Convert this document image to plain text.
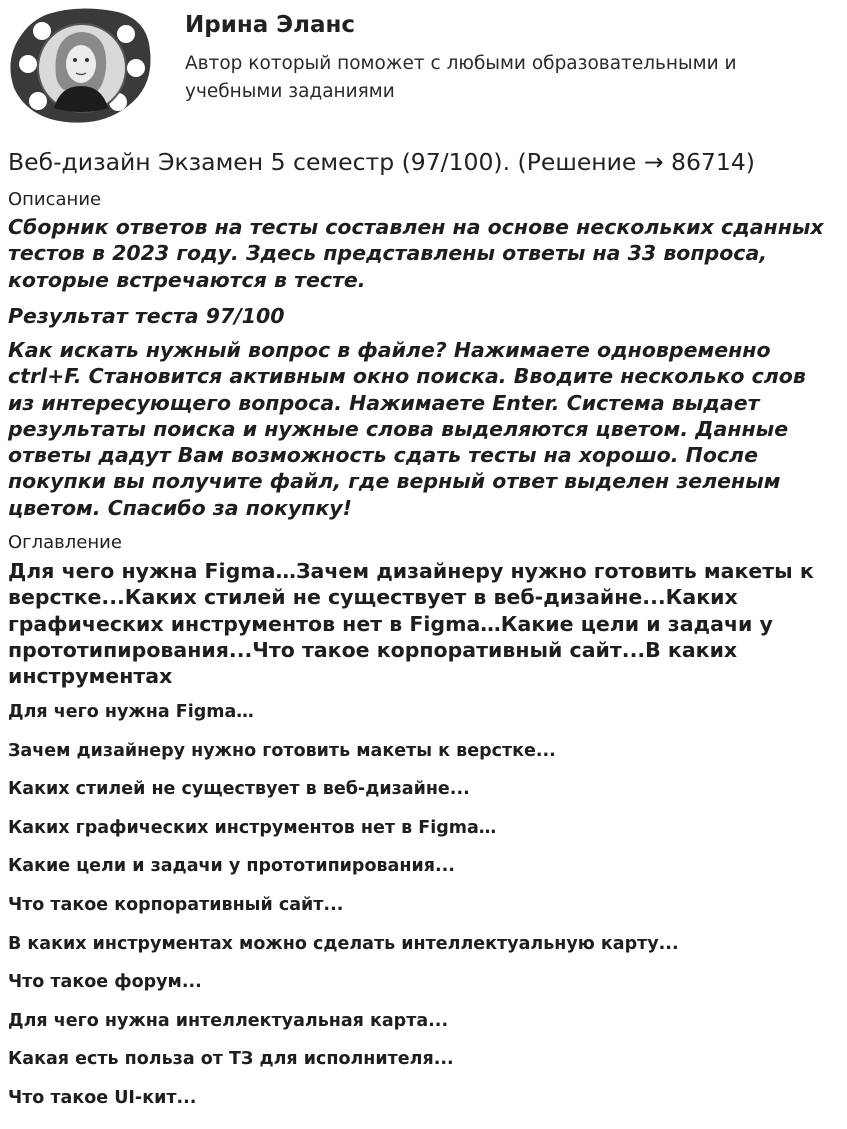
Ирина Эланс
Автор который поможет с любыми образовательными и учебными заданиями
Веб-дизайн Экзамен 5 семестр (97/100). (Решение → 86714)
Описание

Сборник ответов на тесты составлен на основе нескольких сданных тестов в 2023 году. Здесь представлены ответы на 33 вопроса, которые встречаются в тесте.

Результат теста 97/100

Как искать нужный вопрос в файле? Нажимаете одновременно ctrl+F. Становится активным окно поиска. Вводите несколько слов из интересующего вопроса. Нажимаете Enter. Система выдает результаты поиска и нужные слова выделяются цветом. Данные ответы дадут Вам возможность сдать тесты на хорошо. После покупки вы получите файл, где верный ответ выделен зеленым цветом. Спасибо за покупку!

Оглавление
Для чего нужна Figma…Зачем дизайнеру нужно готовить макеты к верстке...Каких стилей не существует в веб-дизайне...Каких графических инструментов нет в Figma…Какие цели и задачи у прототипирования...Что такое корпоративный сайт...В каких инструментах
Для чего нужна Figma…
Зачем дизайнеру нужно готовить макеты к верстке...
Каких стилей не существует в веб-дизайне...
Каких графических инструментов нет в Figma…
Какие цели и задачи у прототипирования...
Что такое корпоративный сайт...
В каких инструментах можно сделать интеллектуальную карту...
Что такое форум...
Для чего нужна интеллектуальная карта...
Какая есть польза от ТЗ для исполнителя...
Что такое UI-кит...
